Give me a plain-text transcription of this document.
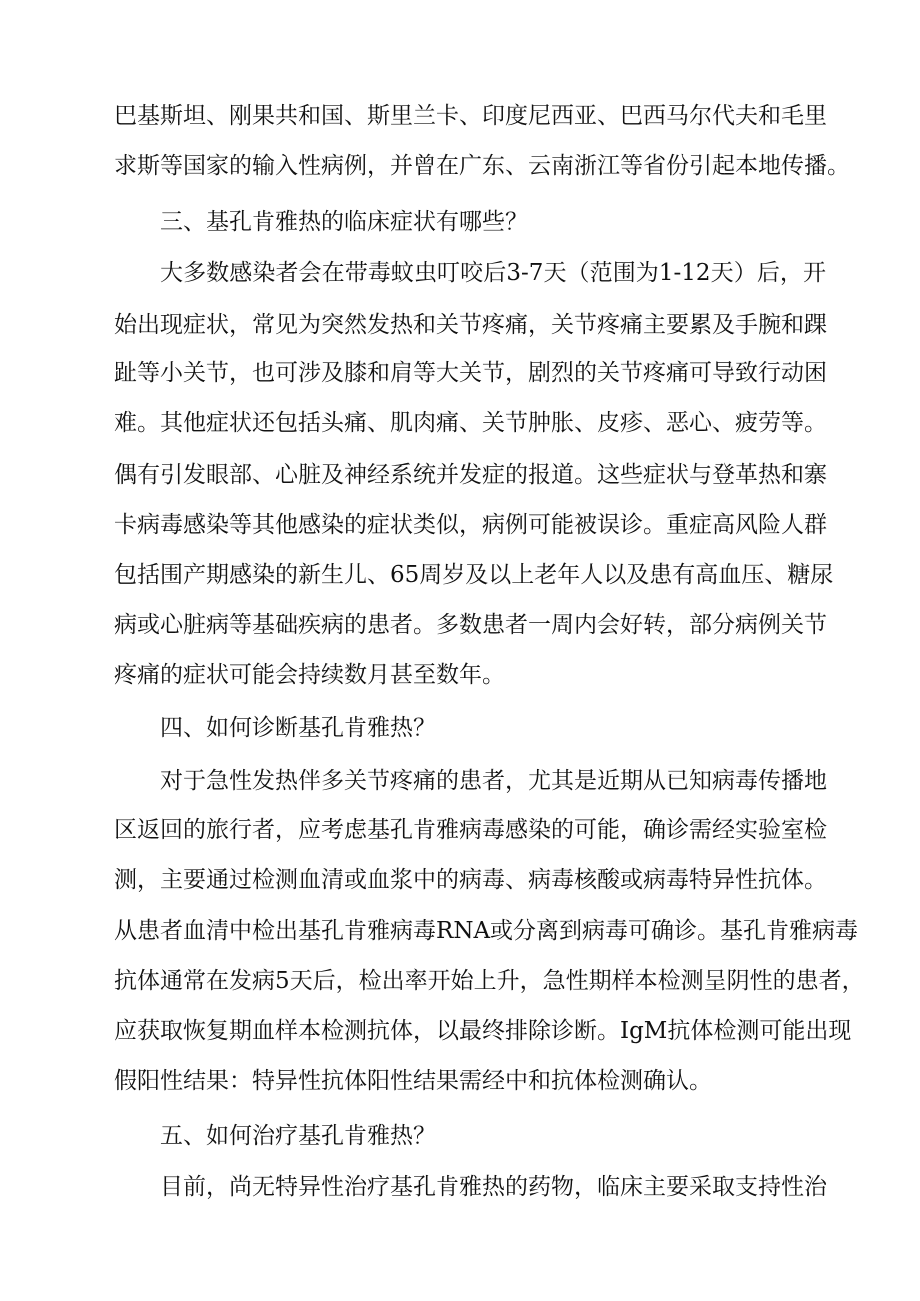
巴基斯坦、刚果共和国、斯里兰卡、印度尼西亚、巴西马尔代夫和毛里
求斯等国家的输入性病例，并曾在广东、云南浙江等省份引起本地传播。
三、基孔肯雅热的临床症状有哪些？
大多数感染者会在带毒蚊虫叮咬后3-7天（范围为1-12天）后，开
始出现症状，常见为突然发热和关节疼痛，关节疼痛主要累及手腕和踝
趾等小关节，也可涉及膝和肩等大关节，剧烈的关节疼痛可导致行动困
难。其他症状还包括头痛、肌肉痛、关节肿胀、皮疹、恶心、疲劳等。
偶有引发眼部、心脏及神经系统并发症的报道。这些症状与登革热和寨
卡病毒感染等其他感染的症状类似，病例可能被误诊。重症高风险人群
包括围产期感染的新生儿、65周岁及以上老年人以及患有高血压、糖尿
病或心脏病等基础疾病的患者。多数患者一周内会好转，部分病例关节
疼痛的症状可能会持续数月甚至数年。
四、如何诊断基孔肯雅热？
对于急性发热伴多关节疼痛的患者，尤其是近期从已知病毒传播地
区返回的旅行者，应考虑基孔肯雅病毒感染的可能，确诊需经实验室检
测，主要通过检测血清或血浆中的病毒、病毒核酸或病毒特异性抗体。
从患者血清中检出基孔肯雅病毒RNA或分离到病毒可确诊。基孔肯雅病毒
抗体通常在发病5天后，检出率开始上升，急性期样本检测呈阴性的患者，
应获取恢复期血样本检测抗体，以最终排除诊断。IgM抗体检测可能出现
假阳性结果：特异性抗体阳性结果需经中和抗体检测确认。
五、如何治疗基孔肯雅热？
目前，尚无特异性治疗基孔肯雅热的药物，临床主要采取支持性治
